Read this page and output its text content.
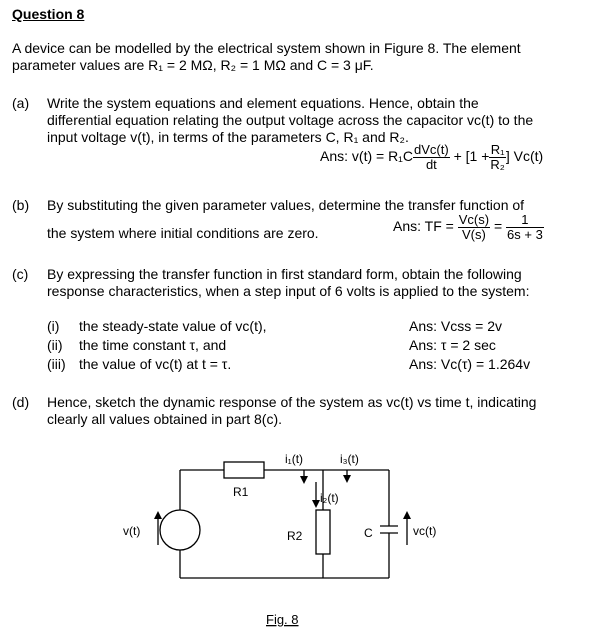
Question 8
A device can be modelled by the electrical system shown in Figure 8. The element
parameter values are R₁ = 2 MΩ, R₂ = 1 MΩ and C = 3 μF.
(a) Write the system equations and element equations. Hence, obtain the
differential equation relating the output voltage across the capacitor vc(t) to the
input voltage v(t), in terms of the parameters C, R₁ and R₂.
Ans: $v(t) = R_1C \frac{\text{dVc(t)}}{dt} + [1 + \frac{\text{R₁}}{\text{R₂}}$ ] Vc(t)
(b) By substituting the given parameter values, determine the transfer function of
the system where initial conditions are zero.	Ans: TF = $\frac{Vc(s)}{V(s)} = \frac{1}{6s + 3}$
(c) By expressing the transfer function in first standard form, obtain the following
response characteristics, when a step input of 6 volts is applied to the system:
(i) the steady-state value of vc(t),	Ans: Vcss = 2v
(ii) the time constant τ, and	Ans: τ = 2 sec
(iii) the value of vc(t) at t = τ.	Ans: Vc(τ) = 1.264v
(d) Hence, sketch the dynamic response of the system as vc(t) vs time t, indicating
clearly all values obtained in part 8(c).
i₁(t)	i₃(t)
i₂(t)
R1
R2	C
v(t)	vc(t)
Fig. 8
